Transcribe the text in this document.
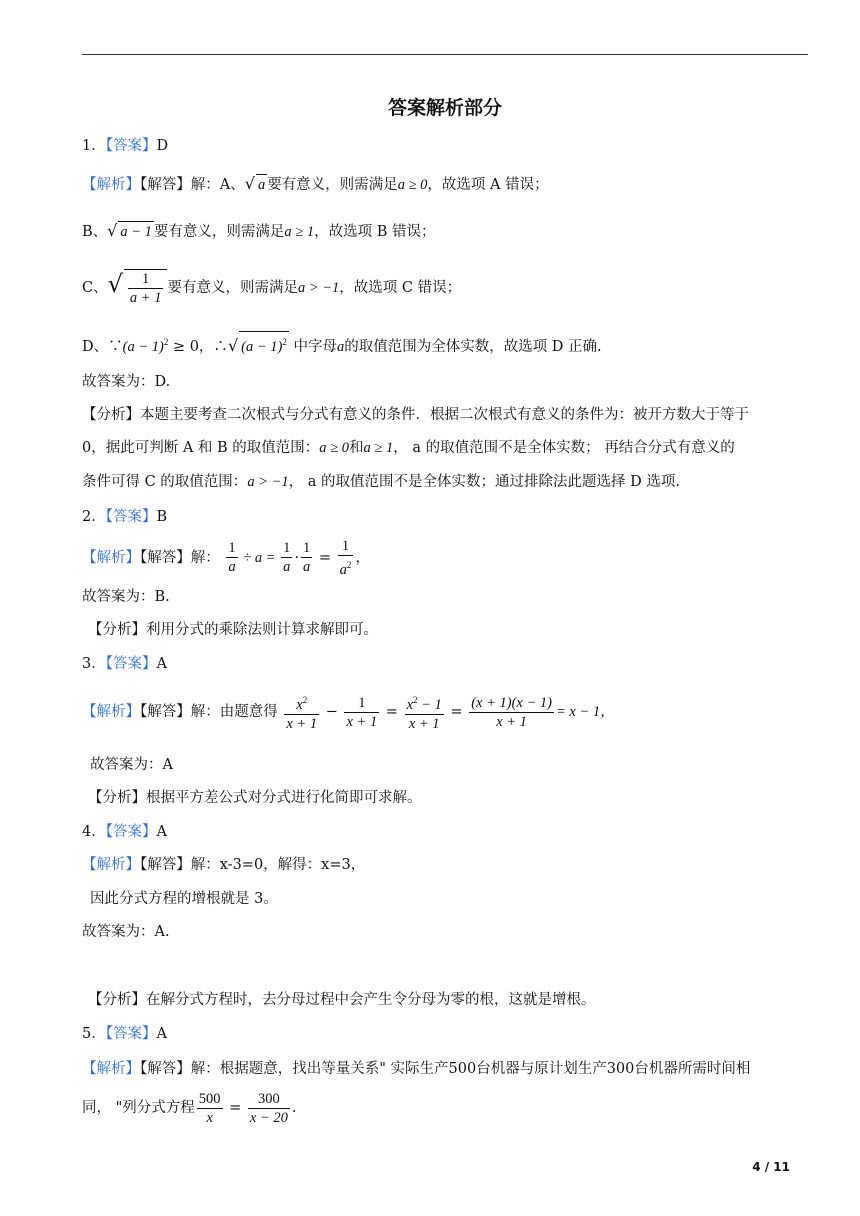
答案解析部分
1．【答案】D
【解析】【解答】解：A、√ a 要有意义，则需满足a ≥ 0，故选项 A 错误；
B、√ a − 1 要有意义，则需满足a ≥ 1，故选项 B 错误；
C、√ $\frac{1}{a + 1}$ 要有意义，则需满足a > −1，故选项 C 错误；
D、∵(a − 1)$^2$ ≥ 0，∴√ $(a - 1)^2$ 中字母a的取值范围为全体实数，故选项 D 正确.
故答案为：D.
【分析】本题主要考查二次根式与分式有意义的条件．根据二次根式有意义的条件为：被开方数大于等于
0，据此可判断 A 和 B 的取值范围：a ≥ 0和a ≥ 1， a 的取值范围不是全体实数； 再结合分式有意义的
条件可得 C 的取值范围：a > −1， a 的取值范围不是全体实数；通过排除法此题选择 D 选项.
2．【答案】B
【解析】【解答】解： $\frac{1}{a} \div a = \frac{1}{a} \cdot \frac{1}{a} = \frac{1}{a^2}$ ，
故答案为：B.
【分析】利用分式的乘除法则计算求解即可。
3．【答案】A
【解析】【解答】解：由题意得 $\frac{x^2}{x + 1} - \frac{1}{x + 1} = \frac{x^2 - 1}{x + 1} = \frac{(x + 1)(x - 1)}{x + 1} = x - 1$，
故答案为：A
【分析】根据平方差公式对分式进行化简即可求解。
4．【答案】A
【解析】【解答】解：x-3=0，解得：x=3，
因此分式方程的增根就是 3。
故答案为：A.
【分析】在解分式方程时，去分母过程中会产生令分母为零的根，这就是增根。
5．【答案】A
【解析】【解答】解：根据题意，找出等量关系" 实际生产500台机器与原计划生产300台机器所需时间相
同， "列分式方程 $\frac{500}{x} = \frac{300}{x - 20}$ .
4 / 11
